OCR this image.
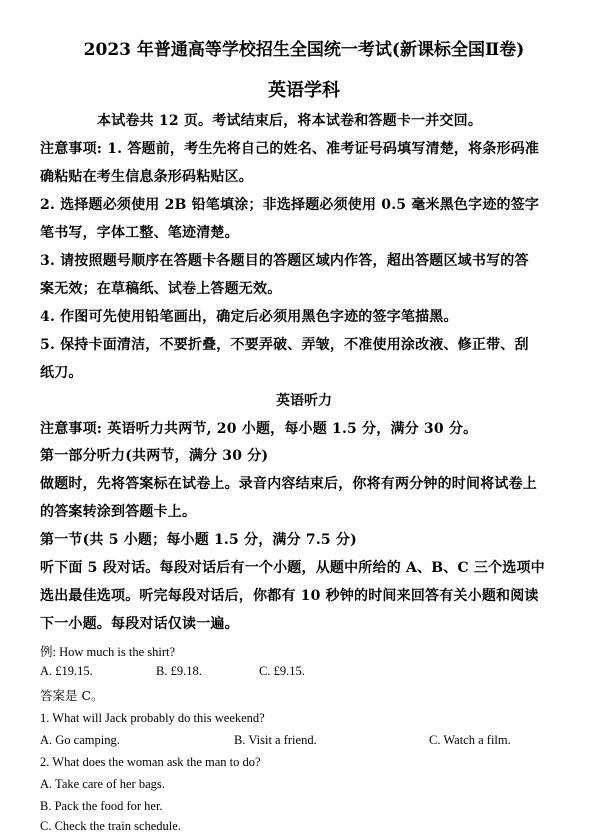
2023 年普通高等学校招生全国统一考试(新课标全国Ⅱ卷)
英语学科
本试卷共 12 页。考试结束后，将本试卷和答题卡一并交回。
注意事项: 1. 答题前，考生先将自己的姓名、准考证号码填写清楚，将条形码准
确粘贴在考生信息条形码粘贴区。
2. 选择题必须使用 2B 铅笔填涂；非选择题必须使用 0.5 毫米黑色字迹的签字
笔书写，字体工整、笔迹清楚。
3. 请按照题号顺序在答题卡各题目的答题区域内作答，超出答题区域书写的答
案无效；在草稿纸、试卷上答题无效。
4. 作图可先使用铅笔画出，确定后必须用黑色字迹的签字笔描黑。
5. 保持卡面清洁，不要折叠，不要弄破、弄皱，不准使用涂改液、修正带、刮
纸刀。
英语听力
注意事项: 英语听力共两节, 20 小题，每小题 1.5 分，满分 30 分。
第一部分听力(共两节，满分 30 分)
做题时，先将答案标在试卷上。录音内容结束后，你将有两分钟的时间将试卷上
的答案转涂到答题卡上。
第一节(共 5 小题；每小题 1.5 分，满分 7.5 分)
听下面 5 段对话。每段对话后有一个小题，从题中所给的 A、B、C 三个选项中
选出最佳选项。听完每段对话后，你都有 10 秒钟的时间来回答有关小题和阅读
下一小题。每段对话仅读一遍。
例: How much is the shirt?
A. £19.15.	B. £9.18.	C. £9.15.
答案是 C。
1. What will Jack probably do this weekend?
A. Go camping.	B. Visit a friend.	C. Watch a film.
2. What does the woman ask the man to do?
A. Take care of her bags.
B. Pack the food for her.
C. Check the train schedule.
